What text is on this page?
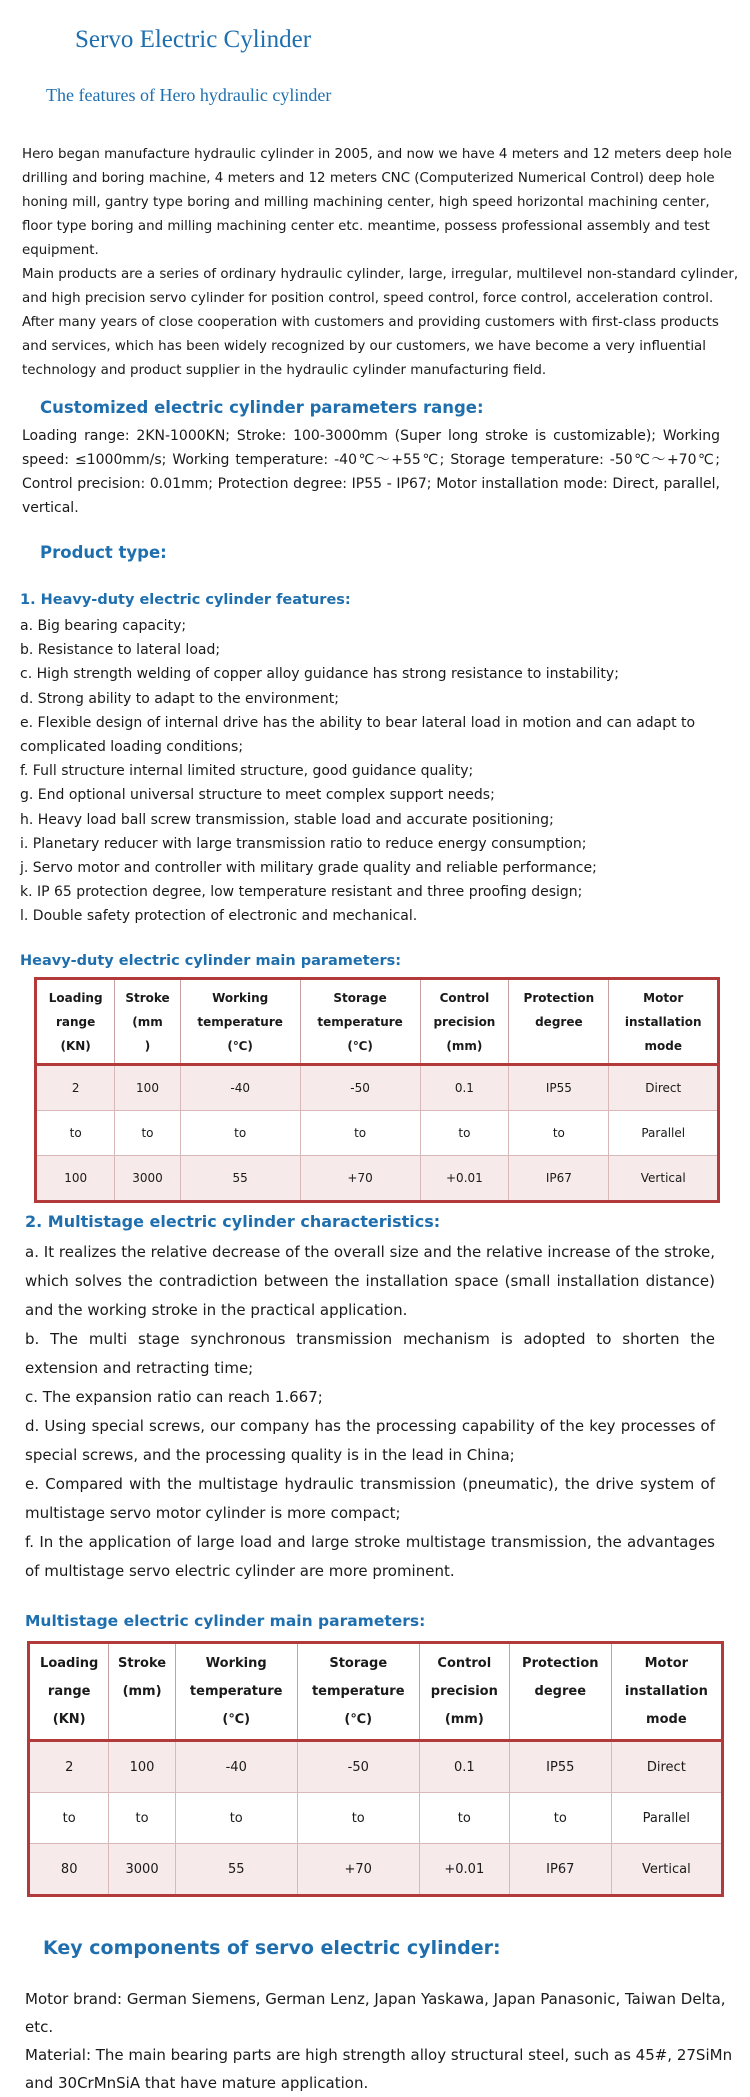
Servo Electric Cylinder
The features of Hero hydraulic cylinder

Hero began manufacture hydraulic cylinder in 2005, and now we have 4 meters and 12 meters deep hole drilling and boring machine, 4 meters and 12 meters CNC (Computerized Numerical Control) deep hole honing mill, gantry type boring and milling machining center, high speed horizontal machining center, floor type boring and milling machining center etc. meantime, possess professional assembly and test equipment.

Main products are a series of ordinary hydraulic cylinder, large, irregular, multilevel non-standard cylinder, and high precision servo cylinder for position control, speed control, force control, acceleration control.

After many years of close cooperation with customers and providing customers with first-class products and services, which has been widely recognized by our customers, we have become a very influential technology and product supplier in the hydraulic cylinder manufacturing field.

Customized electric cylinder parameters range:
Loading range: 2KN-1000KN; Stroke: 100-3000mm (Super long stroke is customizable); Working speed: ≤1000mm/s; Working temperature: -40℃～+55℃; Storage temperature: -50℃～+70℃; Control precision: 0.01mm; Protection degree: IP55 - IP67; Motor installation mode: Direct, parallel, vertical.
Product type:
1. Heavy-duty electric cylinder features:
a. Big bearing capacity;
b. Resistance to lateral load;
c. High strength welding of copper alloy guidance has strong resistance to instability;
d. Strong ability to adapt to the environment;
e. Flexible design of internal drive has the ability to bear lateral load in motion and can adapt to complicated loading conditions;
f. Full structure internal limited structure, good guidance quality;
g. End optional universal structure to meet complex support needs;
h. Heavy load ball screw transmission, stable load and accurate positioning;
i. Planetary reducer with large transmission ratio to reduce energy consumption;
j. Servo motor and controller with military grade quality and reliable performance;
k. IP 65 protection degree, low temperature resistant and three proofing design;
l. Double safety protection of electronic and mechanical.
Heavy-duty electric cylinder main parameters:
Loading
range
(KN)	Stroke
(mm
)	Working
temperature
(℃)	Storage
temperature
(℃)	Control
precision
(mm)	Protection
degree	Motor
installation
mode
2	100	-40	-50	0.1	IP55	Direct
to	to	to	to	to	to	Parallel
100	3000	55	+70	+0.01	IP67	Vertical
2. Multistage electric cylinder characteristics:
a. It realizes the relative decrease of the overall size and the relative increase of the stroke, which solves the contradiction between the installation space (small installation distance) and the working stroke in the practical application.
b. The multi stage synchronous transmission mechanism is adopted to shorten the extension and retracting time;
c. The expansion ratio can reach 1.667;
d. Using special screws, our company has the processing capability of the key processes of special screws, and the processing quality is in the lead in China;
e. Compared with the multistage hydraulic transmission (pneumatic), the drive system of multistage servo motor cylinder is more compact;
f. In the application of large load and large stroke multistage transmission, the advantages of multistage servo electric cylinder are more prominent.
Multistage electric cylinder main parameters:
Loading
range
(KN)	Stroke
(mm)	Working
temperature
(℃)	Storage
temperature
(℃)	Control
precision
(mm)	Protection
degree	Motor
installation
mode
2	100	-40	-50	0.1	IP55	Direct
to	to	to	to	to	to	Parallel
80	3000	55	+70	+0.01	IP67	Vertical
Key components of servo electric cylinder:
Motor brand: German Siemens, German Lenz, Japan Yaskawa, Japan Panasonic, Taiwan Delta, etc.
Material: The main bearing parts are high strength alloy structural steel, such as 45#, 27SiMn and 30CrMnSiA that have mature application.
